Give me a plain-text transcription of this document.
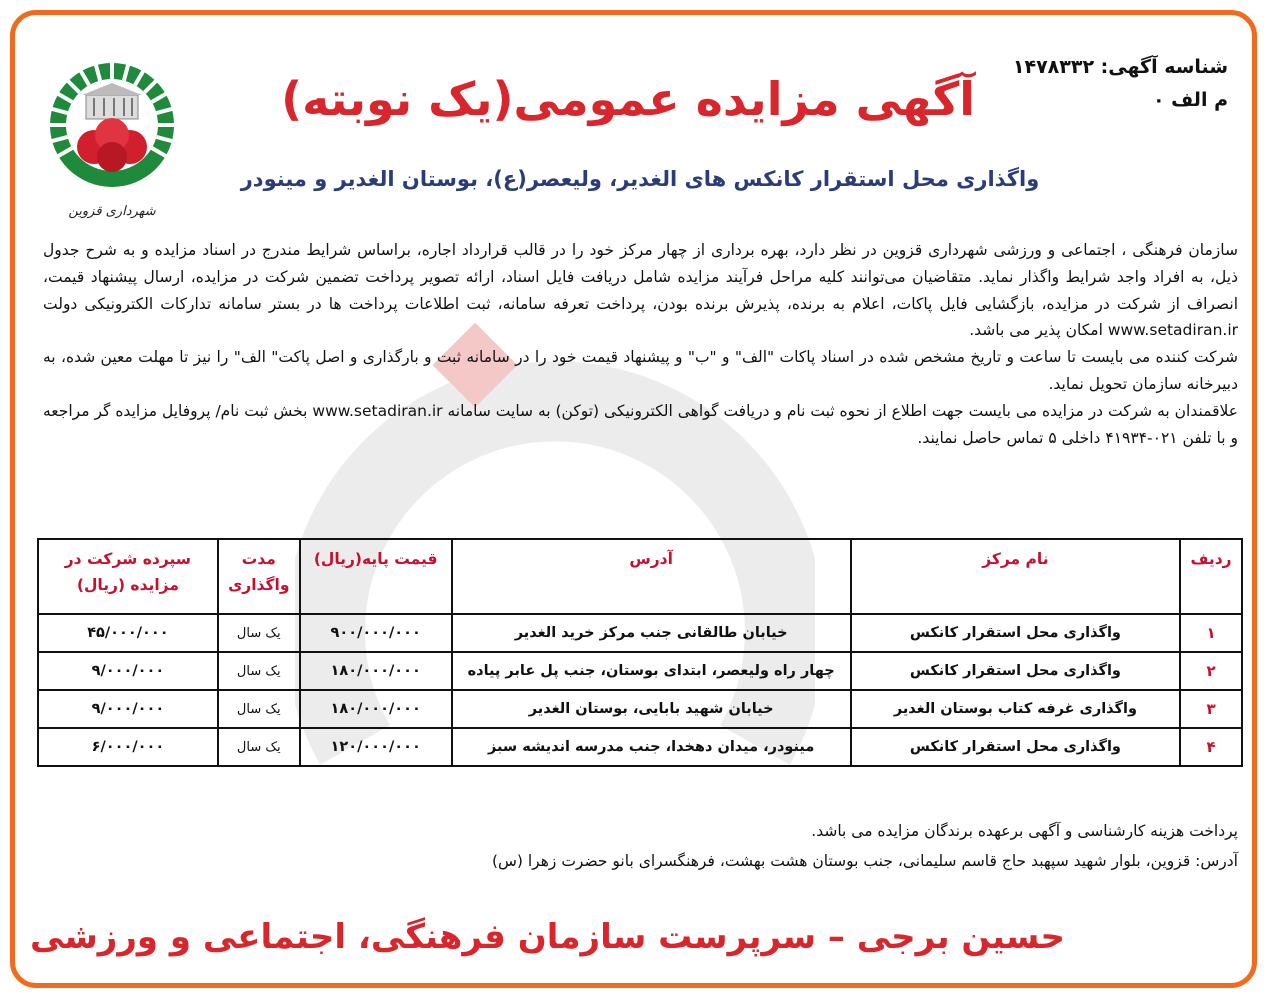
شهرداری قزوین
شناسه آگهی: ۱۴۷۸۳۳۲
م الف ۰
آگهی مزایده عمومی(یک نوبته)
واگذاری محل استقرار کانکس های الغدیر، ولیعصر(ع)، بوستان الغدیر و مینودر

سازمان فرهنگی ، اجتماعی و ورزشی شهرداری قزوین در نظر دارد، بهره برداری از چهار مرکز خود را در قالب قرارداد اجاره، براساس شرایط مندرج در اسناد مزایده و به شرح جدول ذیل، به افراد واجد شرایط واگذار نماید. متقاضیان می‌توانند کلیه مراحل فرآیند مزایده شامل دریافت فایل اسناد، ارائه تصویر پرداخت تضمین شرکت در مزایده، ارسال پیشنهاد قیمت، انصراف از شرکت در مزایده، بازگشایی فایل پاکات، اعلام به برنده، پذیرش برنده بودن، پرداخت تعرفه سامانه، ثبت اطلاعات پرداخت ها در بستر سامانه تدارکات الکترونیکی دولت www.setadiran.ir امکان پذیر می باشد.

شرکت کننده می بایست تا ساعت و تاریخ مشخص شده در اسناد پاکات "الف" و "ب" و پیشنهاد قیمت خود را در سامانه ثبت و بارگذاری و اصل پاکت" الف" را نیز تا مهلت معین شده، به دبیرخانه سازمان تحویل نماید.

علاقمندان به شرکت در مزایده می بایست جهت اطلاع از نحوه ثبت نام و دریافت گواهی الکترونیکی (توکن) به سایت سامانه www.setadiran.ir بخش ثبت نام/ پروفایل مزایده گر مراجعه و با تلفن ۰۲۱-۴۱۹۳۴ داخلی ۵ تماس حاصل نمایند.

ردیف	نام مرکز	آدرس	قیمت پایه(ریال)	مدت واگذاری	سپرده شرکت در مزایده (ریال)
۱	واگذاری محل استقرار کانکس	خیابان طالقانی جنب مرکز خرید الغدیر	۹۰۰/۰۰۰/۰۰۰	یک سال	۴۵/۰۰۰/۰۰۰
۲	واگذاری محل استقرار کانکس	چهار راه ولیعصر، ابتدای بوستان، جنب پل عابر پیاده	۱۸۰/۰۰۰/۰۰۰	یک سال	۹/۰۰۰/۰۰۰
۳	واگذاری غرفه کتاب بوستان الغدیر	خیابان شهید بابایی، بوستان الغدیر	۱۸۰/۰۰۰/۰۰۰	یک سال	۹/۰۰۰/۰۰۰
۴	واگذاری محل استقرار کانکس	مینودر، میدان دهخدا، جنب مدرسه اندیشه سبز	۱۲۰/۰۰۰/۰۰۰	یک سال	۶/۰۰۰/۰۰۰

پرداخت هزینه کارشناسی و آگهی برعهده برندگان مزایده می باشد.

آدرس: قزوین، بلوار شهید سپهبد حاج قاسم سلیمانی، جنب بوستان هشت بهشت، فرهنگسرای بانو حضرت زهرا (س)

حسین برجی – سرپرست سازمان فرهنگی، اجتماعی و ورزشی
